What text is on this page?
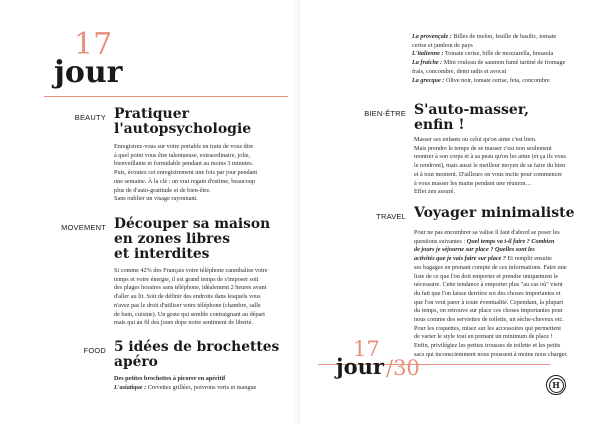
17
jour
BEAUTY Pratiquer
l'autopsychologie

Enregistrez-vous sur votre portable en train de vous dire

à quel point vous être talentueuse, extraordinaire, jolie,

bienveillante et formidable pendant au moins 3 minutes.

Puis, écoutez cet enregistrement une fois par jour pendant

une semaine. À la clé : un vrai regain d'estime, beaucoup

plus de d'auto-gratitude et de bien-être.

Sans oublier un visage rayonnant.

MOVEMENT Découper sa maison
en zones libres
et interdites

Si comme 42% des Français votre téléphone cannibalise votre

temps et votre énergie, il est grand temps de s'imposer soit

des plages horaires sans téléphone, idéalement 2 heures avant

d'aller au lit. Soit de définir des endroits dans lesquels vous

n'avez pas le droit d'utiliser votre téléphone (chambre, salle

de bain, cuisine). Un geste qui semble contraignant au départ

mais qui au fil des jours dope notre sentiment de liberté.

FOOD 5 idées de brochettes
apéro

Des petites brochettes à picorer en apéritif

L'asiatique : Crevettes grillées, poivrons verts et mangue

La provençale : Billes de melon, feuille de basilic, tomate

cerise et jambon de pays

L'italienne : Tomate cerise, bille de mozzarella, bresaola

La fraîche : Mini rouleau de saumon fumé tartiné de fromage

frais, concombre, demi radis et avocat

La grecque : Olive noir, tomate cerise, feta, concombre

BIEN-ÊTRE S'auto-masser,
enfin !

Masser ses enfants ou celui qu'on aime c'est bien.

Mais prendre le temps de se masser c'est non seulement

montrer à son corps et à sa peau qu'on les aime (et ça ils vous

le rendront), mais aussi le meilleur moyen de se faire du bien

et à tout moment. D'ailleurs on vous incite pour commencer

à vous masser les mains pendant une réunion…

Effet zen assuré.

TRAVEL Voyager minimaliste

Pour ne pas encombrer sa valise il faut d'abord se poser les

questions suivantes : Quel temps va t-il faire ? Combien

de jours je séjourne sur place ? Quelles sont les

activités que je vais faire sur place ? Et remplir ensuite

ses bagages en prenant compte de ces informations. Faire une

liste de ce que l'on doit emporter et prendre uniquement le

nécessaire. Cette tendance à emporter plus "au cas où" vient

du fait que l'on laisse derrière soi des choses importantes et

que l'on veut parer à toute éventualité. Cependant, la plupart

du temps, on retrouve sur place ces choses importantes pour

nous comme des serviettes de toilette, un sèche-cheveux etc.

Pour les coquettes, misez sur les accessoires qui permettent

de varier le style tout en prenant un minimum de place !

Enfin, privilégiez les petites trousses de toilette et les petits

sacs qui inconsciemment nous poussent à moins nous charger.

17
jour /30
H
